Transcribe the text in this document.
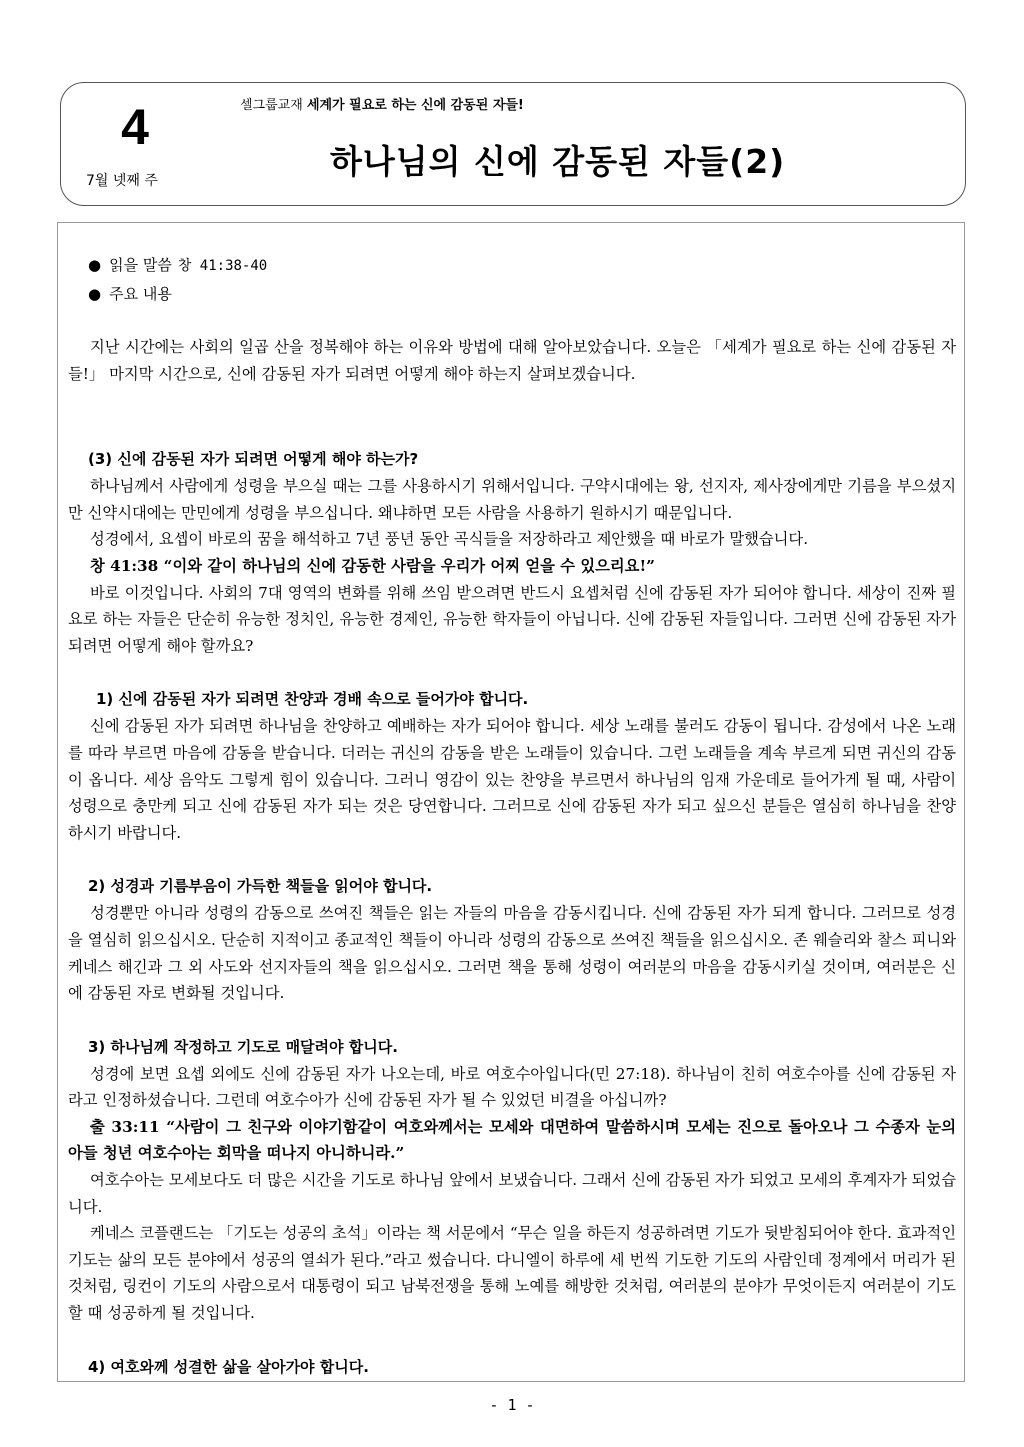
4
7월 넷째 주
셀그룹교재 세계가 필요로 하는 신에 감동된 자들!
하나님의 신에 감동된 자들(2)
● 읽을 말씀 창 41:38-40
● 주요 내용

지난 시간에는 사회의 일곱 산을 정복해야 하는 이유와 방법에 대해 알아보았습니다. 오늘은 「세계가 필요로 하는 신에 감동된 자들!」 마지막 시간으로, 신에 감동된 자가 되려면 어떻게 해야 하는지 살펴보겠습니다.

(3) 신에 감동된 자가 되려면 어떻게 해야 하는가?

하나님께서 사람에게 성령을 부으실 때는 그를 사용하시기 위해서입니다. 구약시대에는 왕, 선지자, 제사장에게만 기름을 부으셨지만 신약시대에는 만민에게 성령을 부으십니다. 왜냐하면 모든 사람을 사용하기 원하시기 때문입니다.

성경에서, 요셉이 바로의 꿈을 해석하고 7년 풍년 동안 곡식들을 저장하라고 제안했을 때 바로가 말했습니다.

창 41:38 “이와 같이 하나님의 신에 감동한 사람을 우리가 어찌 얻을 수 있으리요!”

바로 이것입니다. 사회의 7대 영역의 변화를 위해 쓰임 받으려면 반드시 요셉처럼 신에 감동된 자가 되어야 합니다. 세상이 진짜 필요로 하는 자들은 단순히 유능한 정치인, 유능한 경제인, 유능한 학자들이 아닙니다. 신에 감동된 자들입니다. 그러면 신에 감동된 자가 되려면 어떻게 해야 할까요?

1) 신에 감동된 자가 되려면 찬양과 경배 속으로 들어가야 합니다.

신에 감동된 자가 되려면 하나님을 찬양하고 예배하는 자가 되어야 합니다. 세상 노래를 불러도 감동이 됩니다. 감성에서 나온 노래를 따라 부르면 마음에 감동을 받습니다. 더러는 귀신의 감동을 받은 노래들이 있습니다. 그런 노래들을 계속 부르게 되면 귀신의 감동이 옵니다. 세상 음악도 그렇게 힘이 있습니다. 그러니 영감이 있는 찬양을 부르면서 하나님의 임재 가운데로 들어가게 될 때, 사람이 성령으로 충만케 되고 신에 감동된 자가 되는 것은 당연합니다. 그러므로 신에 감동된 자가 되고 싶으신 분들은 열심히 하나님을 찬양하시기 바랍니다.

2) 성경과 기름부음이 가득한 책들을 읽어야 합니다.

성경뿐만 아니라 성령의 감동으로 쓰여진 책들은 읽는 자들의 마음을 감동시킵니다. 신에 감동된 자가 되게 합니다. 그러므로 성경을 열심히 읽으십시오. 단순히 지적이고 종교적인 책들이 아니라 성령의 감동으로 쓰여진 책들을 읽으십시오. 존 웨슬리와 찰스 피니와 케네스 해긴과 그 외 사도와 선지자들의 책을 읽으십시오. 그러면 책을 통해 성령이 여러분의 마음을 감동시키실 것이며, 여러분은 신에 감동된 자로 변화될 것입니다.

3) 하나님께 작정하고 기도로 매달려야 합니다.

성경에 보면 요셉 외에도 신에 감동된 자가 나오는데, 바로 여호수아입니다(민 27:18). 하나님이 친히 여호수아를 신에 감동된 자라고 인정하셨습니다. 그런데 여호수아가 신에 감동된 자가 될 수 있었던 비결을 아십니까?

출 33:11 “사람이 그 친구와 이야기함같이 여호와께서는 모세와 대면하여 말씀하시며 모세는 진으로 돌아오나 그 수종자 눈의 아들 청년 여호수아는 회막을 떠나지 아니하니라.”

여호수아는 모세보다도 더 많은 시간을 기도로 하나님 앞에서 보냈습니다. 그래서 신에 감동된 자가 되었고 모세의 후계자가 되었습니다.

케네스 코플랜드는 「기도는 성공의 초석」이라는 책 서문에서 “무슨 일을 하든지 성공하려면 기도가 뒷받침되어야 한다. 효과적인 기도는 삶의 모든 분야에서 성공의 열쇠가 된다.”라고 썼습니다. 다니엘이 하루에 세 번씩 기도한 기도의 사람인데 정계에서 머리가 된 것처럼, 링컨이 기도의 사람으로서 대통령이 되고 남북전쟁을 통해 노예를 해방한 것처럼, 여러분의 분야가 무엇이든지 여러분이 기도할 때 성공하게 될 것입니다.

4) 여호와께 성결한 삶을 살아가야 합니다.

- 1 -
